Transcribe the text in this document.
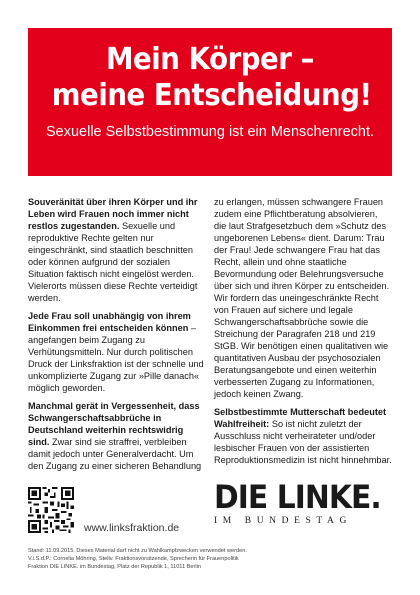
Mein Körper –
meine Entscheidung!
Sexuelle Selbstbestimmung ist ein Menschenrecht.

Souveränität über ihren Körper und ihr Leben wird Frauen noch immer nicht restlos zugestanden. Sexuelle und reproduktive Rechte gelten nur eingeschränkt, sind staatlich beschnitten oder können aufgrund der sozialen Situation faktisch nicht eingelöst werden. Vielerorts müssen diese Rechte verteidigt werden.

Jede Frau soll unabhängig von ihrem Einkommen frei entscheiden können – angefangen beim Zugang zu Verhütungsmitteln. Nur durch politischen Druck der Linksfraktion ist der schnelle und unkomplizierte Zugang zur »Pille danach« möglich geworden.

Manchmal gerät in Vergessenheit, dass Schwangerschaftsabbrüche in Deutschland weiterhin rechtswidrig sind. Zwar sind sie straffrei, verbleiben damit jedoch unter Generalverdacht. Um den Zugang zu einer sicheren Behandlung

zu erlangen, müssen schwangere Frauen zudem eine Pflichtberatung absolvieren, die laut Strafgesetzbuch dem »Schutz des ungeborenen Lebens« dient. Darum: Trau der Frau! Jede schwangere Frau hat das Recht, allein und ohne staatliche Bevormundung oder Belehrungsversuche über sich und ihren Körper zu entscheiden. Wir fordern das uneingeschränkte Recht von Frauen auf sichere und legale Schwangerschaftsabbrüche sowie die Streichung der Paragrafen 218 und 219 StGB. Wir benötigen einen qualitativen wie quantitativen Ausbau der psychosozialen Beratungsangebote und einen weiterhin verbesserten Zugang zu Informationen, jedoch keinen Zwang.

Selbstbestimmte Mutterschaft bedeutet Wahlfreiheit: So ist nicht zuletzt der Ausschluss nicht verheirateter und/oder lesbischer Frauen von der assistierten Reproduktionsmedizin ist nicht hinnehmbar.

www.linksfraktion.de
DIE LINKE.
IM BUNDESTAG
Stand: 11.09.2015. Dieses Material darf nicht zu Wahlkampfzwecken verwendet werden.
V.i.S.d.P.: Cornelia Möhring, Stellv. Fraktionsvorsitzende, Sprecherin für Frauenpolitik
Fraktion DIE LINKE. im Bundestag, Platz der Republik 1, 11011 Berlin
